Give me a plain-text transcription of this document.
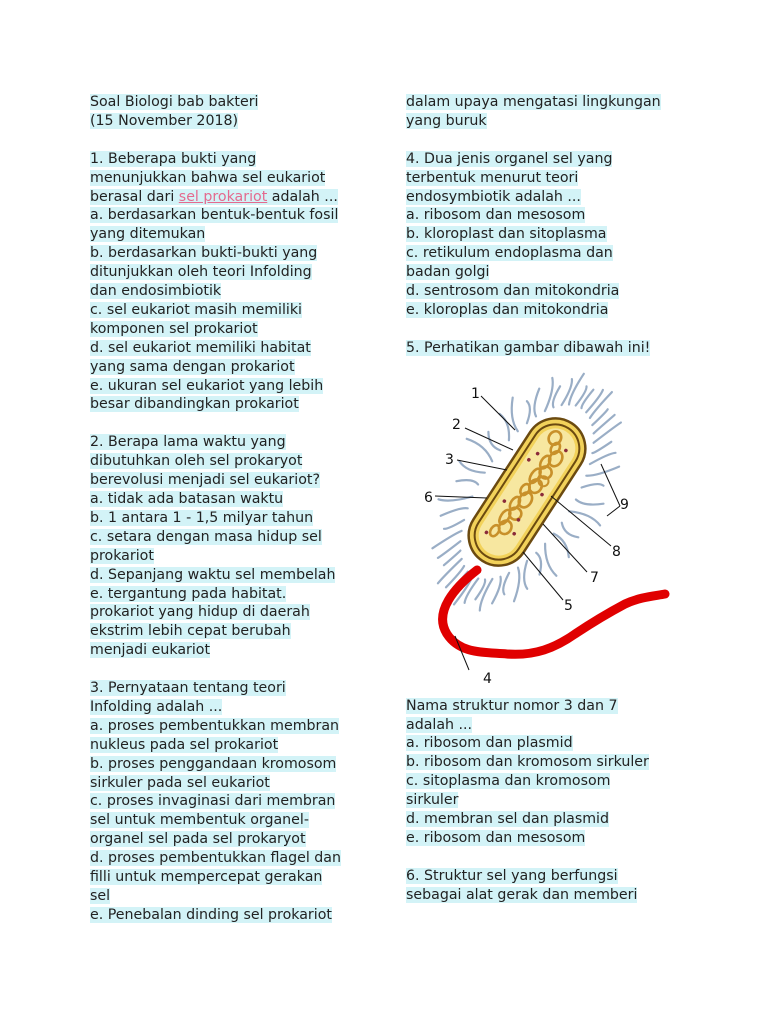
Soal Biologi bab bakteri
(15 November 2018)
1. Beberapa bukti yang
menunjukkan bahwa sel eukariot
berasal dari sel prokariot adalah ...
a. berdasarkan bentuk-bentuk fosil
yang ditemukan
b. berdasarkan bukti-bukti yang
ditunjukkan oleh teori Infolding
dan endosimbiotik
c. sel eukariot masih memiliki
komponen sel prokariot
d. sel eukariot memiliki habitat
yang sama dengan prokariot
e. ukuran sel eukariot yang lebih
besar dibandingkan prokariot
2. Berapa lama waktu yang
dibutuhkan oleh sel prokaryot
berevolusi menjadi sel eukariot?
a. tidak ada batasan waktu
b. 1 antara 1 - 1,5 milyar tahun
c. setara dengan masa hidup sel
prokariot
d. Sepanjang waktu sel membelah
e. tergantung pada habitat.
prokariot yang hidup di daerah
ekstrim lebih cepat berubah
menjadi eukariot
3. Pernyataan tentang teori
Infolding adalah ...
a. proses pembentukkan membran
nukleus pada sel prokariot
b. proses penggandaan kromosom
sirkuler pada sel eukariot
c. proses invaginasi dari membran
sel untuk membentuk organel-
organel sel pada sel prokaryot
d. proses pembentukkan flagel dan
filli untuk mempercepat gerakan
sel
e. Penebalan dinding sel prokariot
dalam upaya mengatasi lingkungan
yang buruk
4. Dua jenis organel sel yang
terbentuk menurut teori
endosymbiotik adalah ...
a. ribosom dan mesosom
b. kloroplast dan sitoplasma
c. retikulum endoplasma dan
badan golgi
d. sentrosom dan mitokondria
e. kloroplas dan mitokondria
5. Perhatikan gambar dibawah ini!
Nama struktur nomor 3 dan 7
adalah ...
a. ribosom dan plasmid
b. ribosom dan kromosom sirkuler
c. sitoplasma dan kromosom
sirkuler
d. membran sel dan plasmid
e. ribosom dan mesosom
6. Struktur sel yang berfungsi
sebagai alat gerak dan memberi
1
2
3
4
5
6
7
8
9
